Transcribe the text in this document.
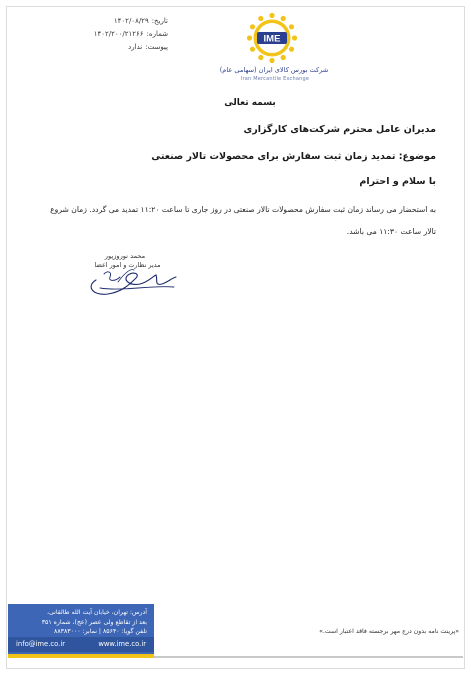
تاریخ:۱۴۰۲/۰۸/۲۹
شماره:۱۴۰۲/۲۰۰/۲۱۲۶۶
پیوست:ندارد
IME
شرکت بورس کالای ایران (سهامی عام)
Iran Mercantile Exchange
بسمه تعالی
مدیران عامل محترم شرکت‌های کارگزاری
موضوع: تمدید زمان ثبت سفارش برای محصولات تالار صنعتی
با سلام و احترام
به استحضار می رساند زمان ثبت سفارش محصولات تالار صنعتی در روز جاری تا ساعت ۱۱:۲۰ تمدید می گردد. زمان شروع تالار ساعت ۱۱:۳۰ می باشد.
محمد نوروزپور
مدیر نظارت و امور اعضا
آدرس: تهران، خیابان آیت الله طالقانی،
بعد از تقاطع ولی عصر (عج)، شماره ۳۵۱
تلفن گویا: ۸۵۶۴۰ | نمابر: ۸۸۳۸۳۰۰۰
info@ime.co.ir	www.ime.co.ir
«پرینت نامه بدون درج مهر برجسته فاقد اعتبار است.»
